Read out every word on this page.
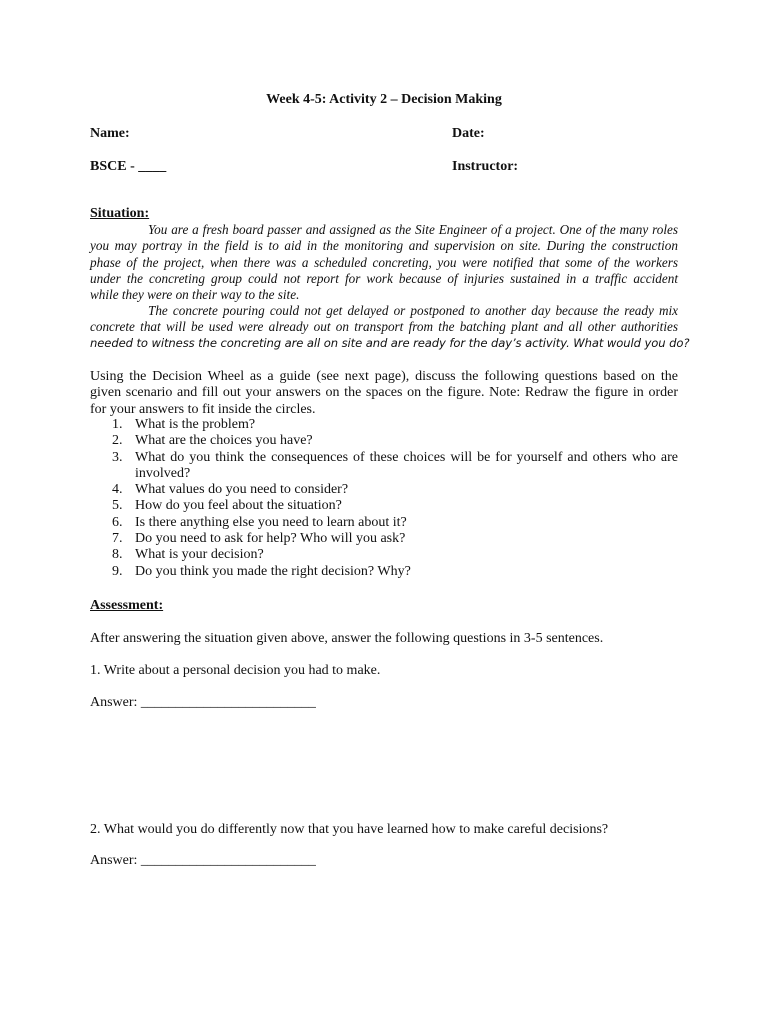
Week 4-5: Activity 2 – Decision Making
Name:	Date:
BSCE - ____	Instructor:
Situation:
You are a fresh board passer and assigned as the Site Engineer of a project. One of the many roles
you may portray in the field is to aid in the monitoring and supervision on site. During the construction
phase of the project, when there was a scheduled concreting, you were notified that some of the workers
under the concreting group could not report for work because of injuries sustained in a traffic accident
while they were on their way to the site.
The concrete pouring could not get delayed or postponed to another day because the ready mix
concrete that will be used were already out on transport from the batching plant and all other authorities
needed to witness the concreting are all on site and are ready for the day’s activity. What would you do?
Using the Decision Wheel as a guide (see next page), discuss the following questions based on the
given scenario and fill out your answers on the spaces on the figure. Note: Redraw the figure in order
for your answers to fit inside the circles.
1. What is the problem?
2. What are the choices you have?
3. What do you think the consequences of these choices will be for yourself and others who are involved?
4. What values do you need to consider?
5. How do you feel about the situation?
6. Is there anything else you need to learn about it?
7. Do you need to ask for help? Who will you ask?
8. What is your decision?
9. Do you think you made the right decision? Why?
Assessment:
After answering the situation given above, answer the following questions in 3-5 sentences.
1. Write about a personal decision you had to make.
Answer: _________________________
2. What would you do differently now that you have learned how to make careful decisions?
Answer: _________________________
